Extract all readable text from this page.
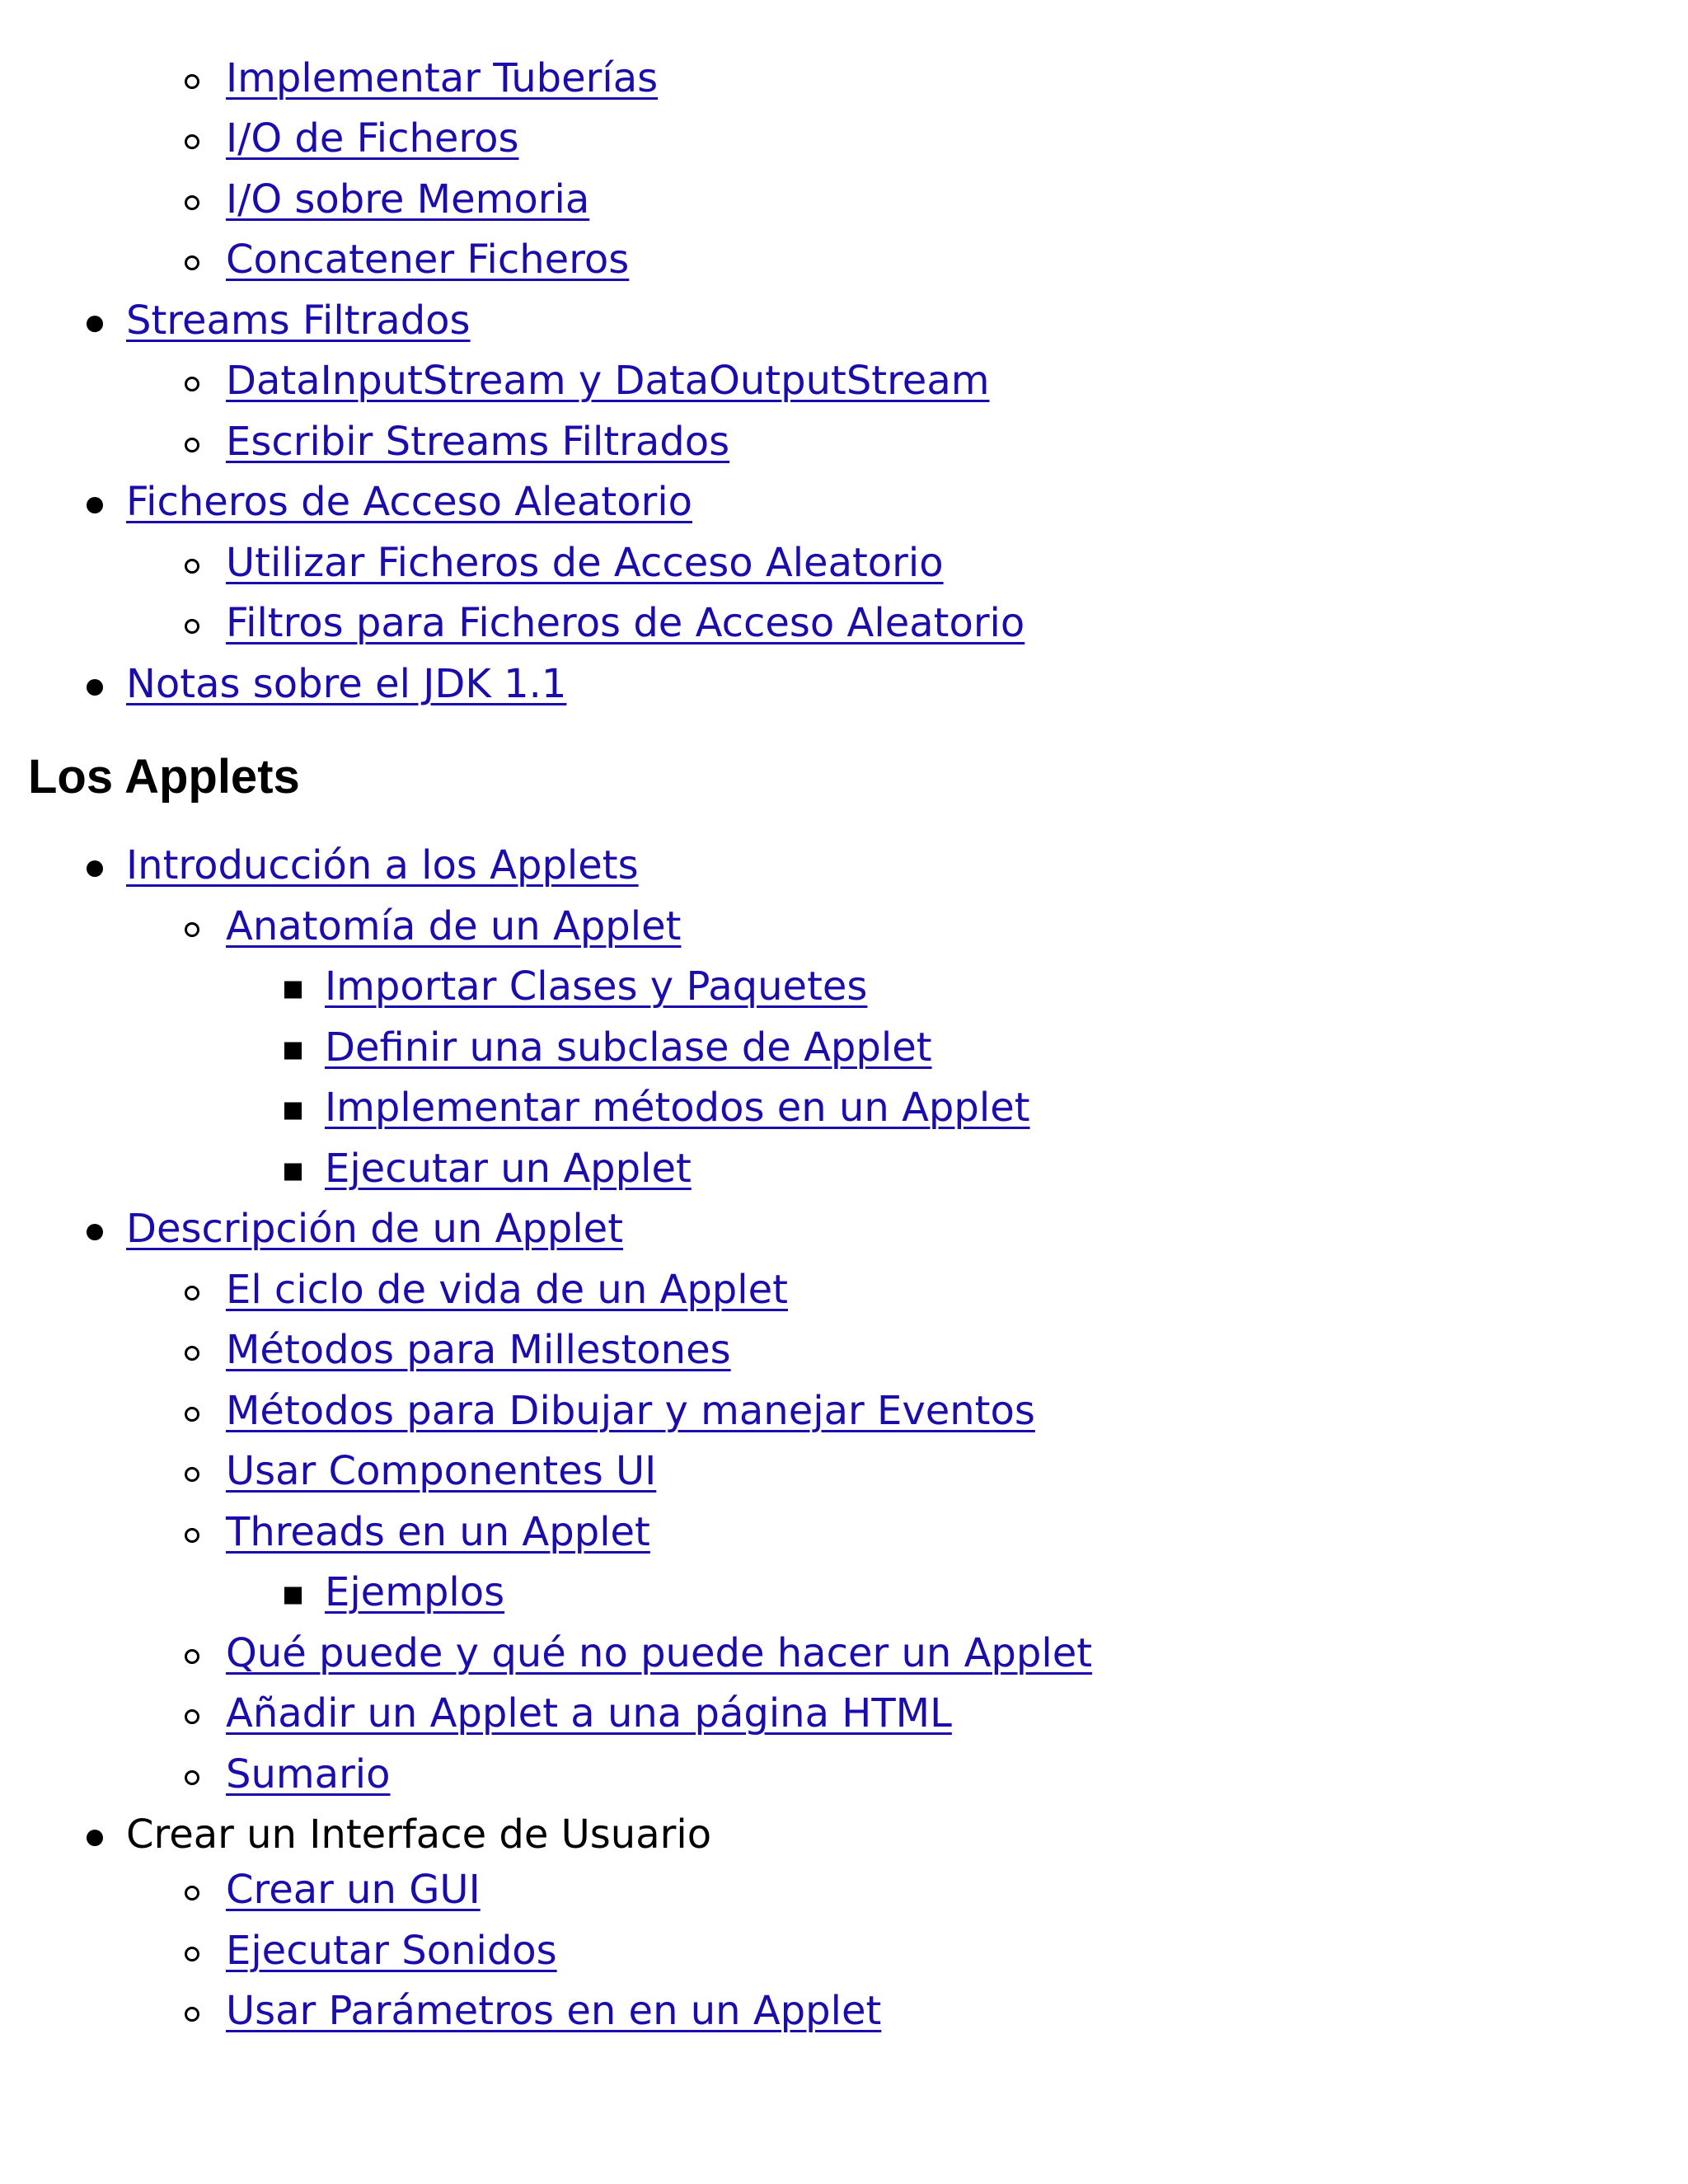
Implementar Tuberías
I/O de Ficheros
I/O sobre Memoria
Concatener Ficheros
Streams Filtrados
DataInputStream y DataOutputStream
Escribir Streams Filtrados
Ficheros de Acceso Aleatorio
Utilizar Ficheros de Acceso Aleatorio
Filtros para Ficheros de Acceso Aleatorio
Notas sobre el JDK 1.1
Los Applets
Introducción a los Applets
Anatomía de un Applet
Importar Clases y Paquetes
Definir una subclase de Applet
Implementar métodos en un Applet
Ejecutar un Applet
Descripción de un Applet
El ciclo de vida de un Applet
Métodos para Millestones
Métodos para Dibujar y manejar Eventos
Usar Componentes UI
Threads en un Applet
Ejemplos
Qué puede y qué no puede hacer un Applet
Añadir un Applet a una página HTML
Sumario
Crear un Interface de Usuario
Crear un GUI
Ejecutar Sonidos
Usar Parámetros en en un Applet
